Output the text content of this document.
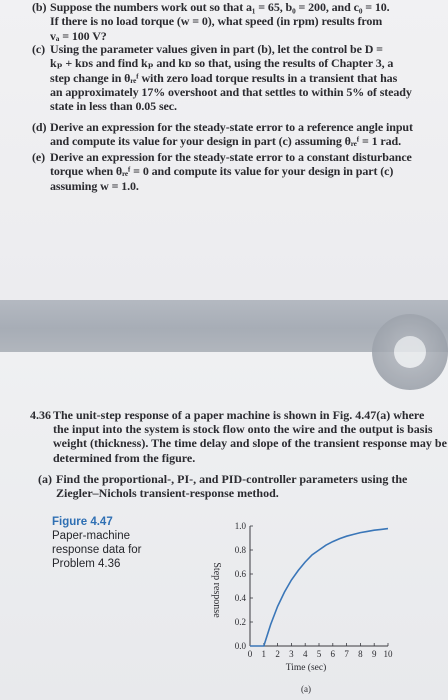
(b) Suppose the numbers work out so that a₁ = 65, b₀ = 200, and c₀ = 10.
If there is no load torque (w = 0), what speed (in rpm) results from
vₐ = 100 V?
(c) Using the parameter values given in part (b), let the control be D =
kₚ + kᴅs and find kₚ and kᴅ so that, using the results of Chapter 3, a
step change in θᵣₑᶠ with zero load torque results in a transient that has
an approximately 17% overshoot and that settles to within 5% of steady
state in less than 0.05 sec.
(d) Derive an expression for the steady-state error to a reference angle input
and compute its value for your design in part (c) assuming θᵣₑᶠ = 1 rad.
(e) Derive an expression for the steady-state error to a constant disturbance
torque when θᵣₑᶠ = 0 and compute its value for your design in part (c)
assuming w = 1.0.
4.36 The unit-step response of a paper machine is shown in Fig. 4.47(a) where
the input into the system is stock flow onto the wire and the output is basis
weight (thickness). The time delay and slope of the transient response may be
determined from the figure.
(a) Find the proportional-, PI-, and PID-controller parameters using the
Ziegler–Nichols transient-response method.
Figure 4.47
Paper-machine
response data for
Problem 4.36
0.0
0.2
0.4
0.6
0.8
1.0
0 1 2 3 4 5 6 7 8 9 10
Step response
Time (sec)
(a)
